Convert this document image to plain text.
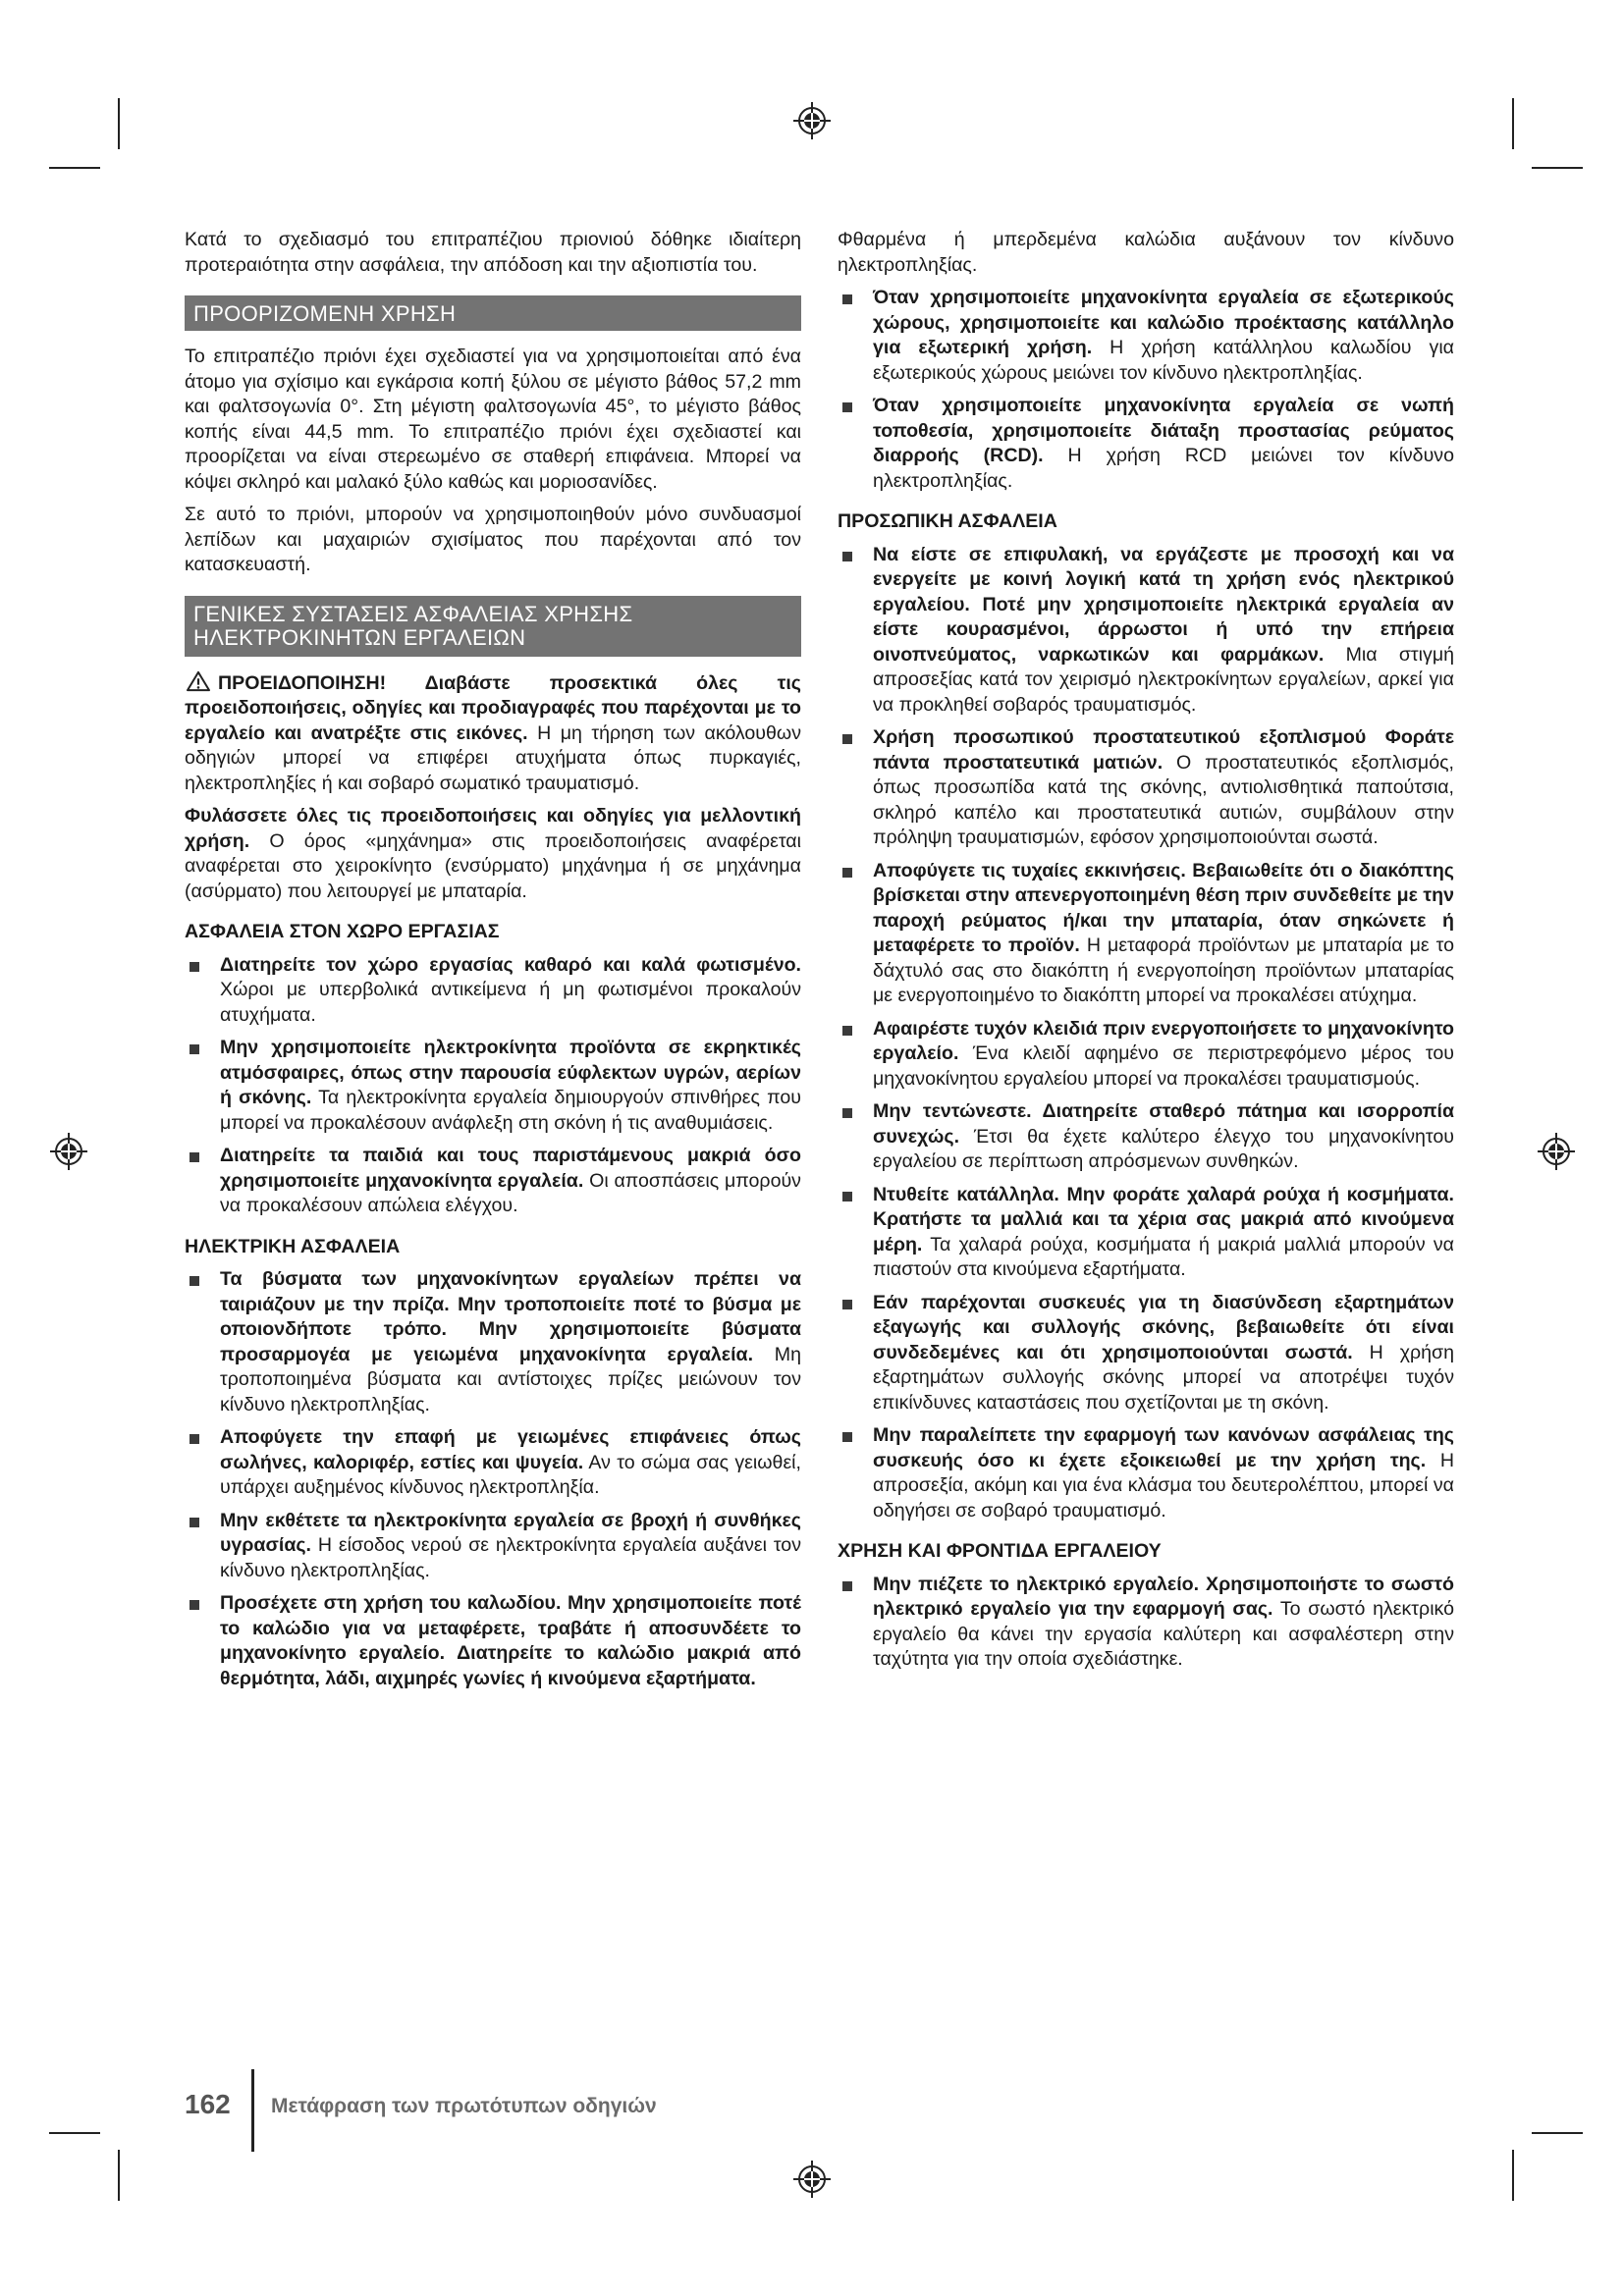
Κατά το σχεδιασμό του επιτραπέζιου πριονιού δόθηκε ιδιαίτερη προτεραιότητα στην ασφάλεια, την απόδοση και την αξιοπιστία του.

ΠΡΟΟΡΙΖΟΜΕΝΗ ΧΡΗΣΗ

Το επιτραπέζιο πριόνι έχει σχεδιαστεί για να χρησιμοποιείται από ένα άτομο για σχίσιμο και εγκάρσια κοπή ξύλου σε μέγιστο βάθος 57,2 mm και φαλτσογωνία 0°. Στη μέγιστη φαλτσογωνία 45°, το μέγιστο βάθος κοπής είναι 44,5 mm. Το επιτραπέζιο πριόνι έχει σχεδιαστεί και προορίζεται να είναι στερεωμένο σε σταθερή επιφάνεια. Μπορεί να κόψει σκληρό και μαλακό ξύλο καθώς και μοριοσανίδες.

Σε αυτό το πριόνι, μπορούν να χρησιμοποιηθούν μόνο συνδυασμοί λεπίδων και μαχαιριών σχισίματος που παρέχονται από τον κατασκευαστή.

ΓΕΝΙΚΕΣ ΣΥΣΤΑΣΕΙΣ ΑΣΦΑΛΕΙΑΣ ΧΡΗΣΗΣ
ΗΛΕΚΤΡΟΚΙΝΗΤΩΝ ΕΡΓΑΛΕΙΩΝ

ΠΡΟΕΙΔΟΠΟΙΗΣΗ! Διαβάστε προσεκτικά όλες τις προειδοποιήσεις, οδηγίες και προδιαγραφές που παρέχονται με το εργαλείο και ανατρέξτε στις εικόνες. Η μη τήρηση των ακόλουθων οδηγιών μπορεί να επιφέρει ατυχήματα όπως πυρκαγιές, ηλεκτροπληξίες ή και σοβαρό σωματικό τραυματισμό.

Φυλάσσετε όλες τις προειδοποιήσεις και οδηγίες για μελλοντική χρήση. Ο όρος «μηχάνημα» στις προειδοποιήσεις αναφέρεται αναφέρεται στο χειροκίνητο (ενσύρματο) μηχάνημα ή σε μηχάνημα (ασύρματο) που λειτουργεί με μπαταρία.

ΑΣΦΑΛΕΙΑ ΣΤΟΝ ΧΩΡΟ ΕΡΓΑΣΙΑΣ
Διατηρείτε τον χώρο εργασίας καθαρό και καλά φωτισμένο. Χώροι με υπερβολικά αντικείμενα ή μη φωτισμένοι προκαλούν ατυχήματα.
Μην χρησιμοποιείτε ηλεκτροκίνητα προϊόντα σε εκρηκτικές ατμόσφαιρες, όπως στην παρουσία εύφλεκτων υγρών, αερίων ή σκόνης. Τα ηλεκτροκίνητα εργαλεία δημιουργούν σπινθήρες που μπορεί να προκαλέσουν ανάφλεξη στη σκόνη ή τις αναθυμιάσεις.
Διατηρείτε τα παιδιά και τους παριστάμενους μακριά όσο χρησιμοποιείτε μηχανοκίνητα εργαλεία. Οι αποσπάσεις μπορούν να προκαλέσουν απώλεια ελέγχου.
ΗΛΕΚΤΡΙΚΗ ΑΣΦΑΛΕΙΑ
Τα βύσματα των μηχανοκίνητων εργαλείων πρέπει να ταιριάζουν με την πρίζα. Μην τροποποιείτε ποτέ το βύσμα με οποιονδήποτε τρόπο. Μην χρησιμοποιείτε βύσματα προσαρμογέα με γειωμένα μηχανοκίνητα εργαλεία. Μη τροποποιημένα βύσματα και αντίστοιχες πρίζες μειώνουν τον κίνδυνο ηλεκτροπληξίας.
Αποφύγετε την επαφή με γειωμένες επιφάνειες όπως σωλήνες, καλοριφέρ, εστίες και ψυγεία. Αν το σώμα σας γειωθεί, υπάρχει αυξημένος κίνδυνος ηλεκτροπληξία.
Μην εκθέτετε τα ηλεκτροκίνητα εργαλεία σε βροχή ή συνθήκες υγρασίας. Η είσοδος νερού σε ηλεκτροκίνητα εργαλεία αυξάνει τον κίνδυνο ηλεκτροπληξίας.
Προσέχετε στη χρήση του καλωδίου. Μην χρησιμοποιείτε ποτέ το καλώδιο για να μεταφέρετε, τραβάτε ή αποσυνδέετε το μηχανοκίνητο εργαλείο. Διατηρείτε το καλώδιο μακριά από θερμότητα, λάδι, αιχμηρές γωνίες ή κινούμενα εξαρτήματα.

Φθαρμένα ή μπερδεμένα καλώδια αυξάνουν τον κίνδυνο ηλεκτροπληξίας.

Όταν χρησιμοποιείτε μηχανοκίνητα εργαλεία σε εξωτερικούς χώρους, χρησιμοποιείτε και καλώδιο προέκτασης κατάλληλο για εξωτερική χρήση. Η χρήση κατάλληλου καλωδίου για εξωτερικούς χώρους μειώνει τον κίνδυνο ηλεκτροπληξίας.
Όταν χρησιμοποιείτε μηχανοκίνητα εργαλεία σε νωπή τοποθεσία, χρησιμοποιείτε διάταξη προστασίας ρεύματος διαρροής (RCD). Η χρήση RCD μειώνει τον κίνδυνο ηλεκτροπληξίας.
ΠΡΟΣΩΠΙΚΗ ΑΣΦΑΛΕΙΑ
Να είστε σε επιφυλακή, να εργάζεστε με προσοχή και να ενεργείτε με κοινή λογική κατά τη χρήση ενός ηλεκτρικού εργαλείου. Ποτέ μην χρησιμοποιείτε ηλεκτρικά εργαλεία αν είστε κουρασμένοι, άρρωστοι ή υπό την επήρεια οινοπνεύματος, ναρκωτικών και φαρμάκων. Μια στιγμή απροσεξίας κατά τον χειρισμό ηλεκτροκίνητων εργαλείων, αρκεί για να προκληθεί σοβαρός τραυματισμός.
Χρήση προσωπικού προστατευτικού εξοπλισμού Φοράτε πάντα προστατευτικά ματιών. Ο προστατευτικός εξοπλισμός, όπως προσωπίδα κατά της σκόνης, αντιολισθητικά παπούτσια, σκληρό καπέλο και προστατευτικά αυτιών, συμβάλουν στην πρόληψη τραυματισμών, εφόσον χρησιμοποιούνται σωστά.
Αποφύγετε τις τυχαίες εκκινήσεις. Βεβαιωθείτε ότι ο διακόπτης βρίσκεται στην απενεργοποιημένη θέση πριν συνδεθείτε με την παροχή ρεύματος ή/και την μπαταρία, όταν σηκώνετε ή μεταφέρετε το προϊόν. Η μεταφορά προϊόντων με μπαταρία με το δάχτυλό σας στο διακόπτη ή ενεργοποίηση προϊόντων μπαταρίας με ενεργοποιημένο το διακόπτη μπορεί να προκαλέσει ατύχημα.
Αφαιρέστε τυχόν κλειδιά πριν ενεργοποιήσετε το μηχανοκίνητο εργαλείο. Ένα κλειδί αφημένο σε περιστρεφόμενο μέρος του μηχανοκίνητου εργαλείου μπορεί να προκαλέσει τραυματισμούς.
Μην τεντώνεστε. Διατηρείτε σταθερό πάτημα και ισορροπία συνεχώς. Έτσι θα έχετε καλύτερο έλεγχο του μηχανοκίνητου εργαλείου σε περίπτωση απρόσμενων συνθηκών.
Ντυθείτε κατάλληλα. Μην φοράτε χαλαρά ρούχα ή κοσμήματα. Κρατήστε τα μαλλιά και τα χέρια σας μακριά από κινούμενα μέρη. Τα χαλαρά ρούχα, κοσμήματα ή μακριά μαλλιά μπορούν να πιαστούν στα κινούμενα εξαρτήματα.
Εάν παρέχονται συσκευές για τη διασύνδεση εξαρτημάτων εξαγωγής και συλλογής σκόνης, βεβαιωθείτε ότι είναι συνδεδεμένες και ότι χρησιμοποιούνται σωστά. Η χρήση εξαρτημάτων συλλογής σκόνης μπορεί να αποτρέψει τυχόν επικίνδυνες καταστάσεις που σχετίζονται με τη σκόνη.
Μην παραλείπετε την εφαρμογή των κανόνων ασφάλειας της συσκευής όσο κι έχετε εξοικειωθεί με την χρήση της. Η απροσεξία, ακόμη και για ένα κλάσμα του δευτερολέπτου, μπορεί να οδηγήσει σε σοβαρό τραυματισμό.
ΧΡΗΣΗ ΚΑΙ ΦΡΟΝΤΙΔΑ ΕΡΓΑΛΕΙΟΥ
Μην πιέζετε το ηλεκτρικό εργαλείο. Χρησιμοποιήστε το σωστό ηλεκτρικό εργαλείο για την εφαρμογή σας. Το σωστό ηλεκτρικό εργαλείο θα κάνει την εργασία καλύτερη και ασφαλέστερη στην ταχύτητα για την οποία σχεδιάστηκε.
162 Μετάφραση των πρωτότυπων οδηγιών
